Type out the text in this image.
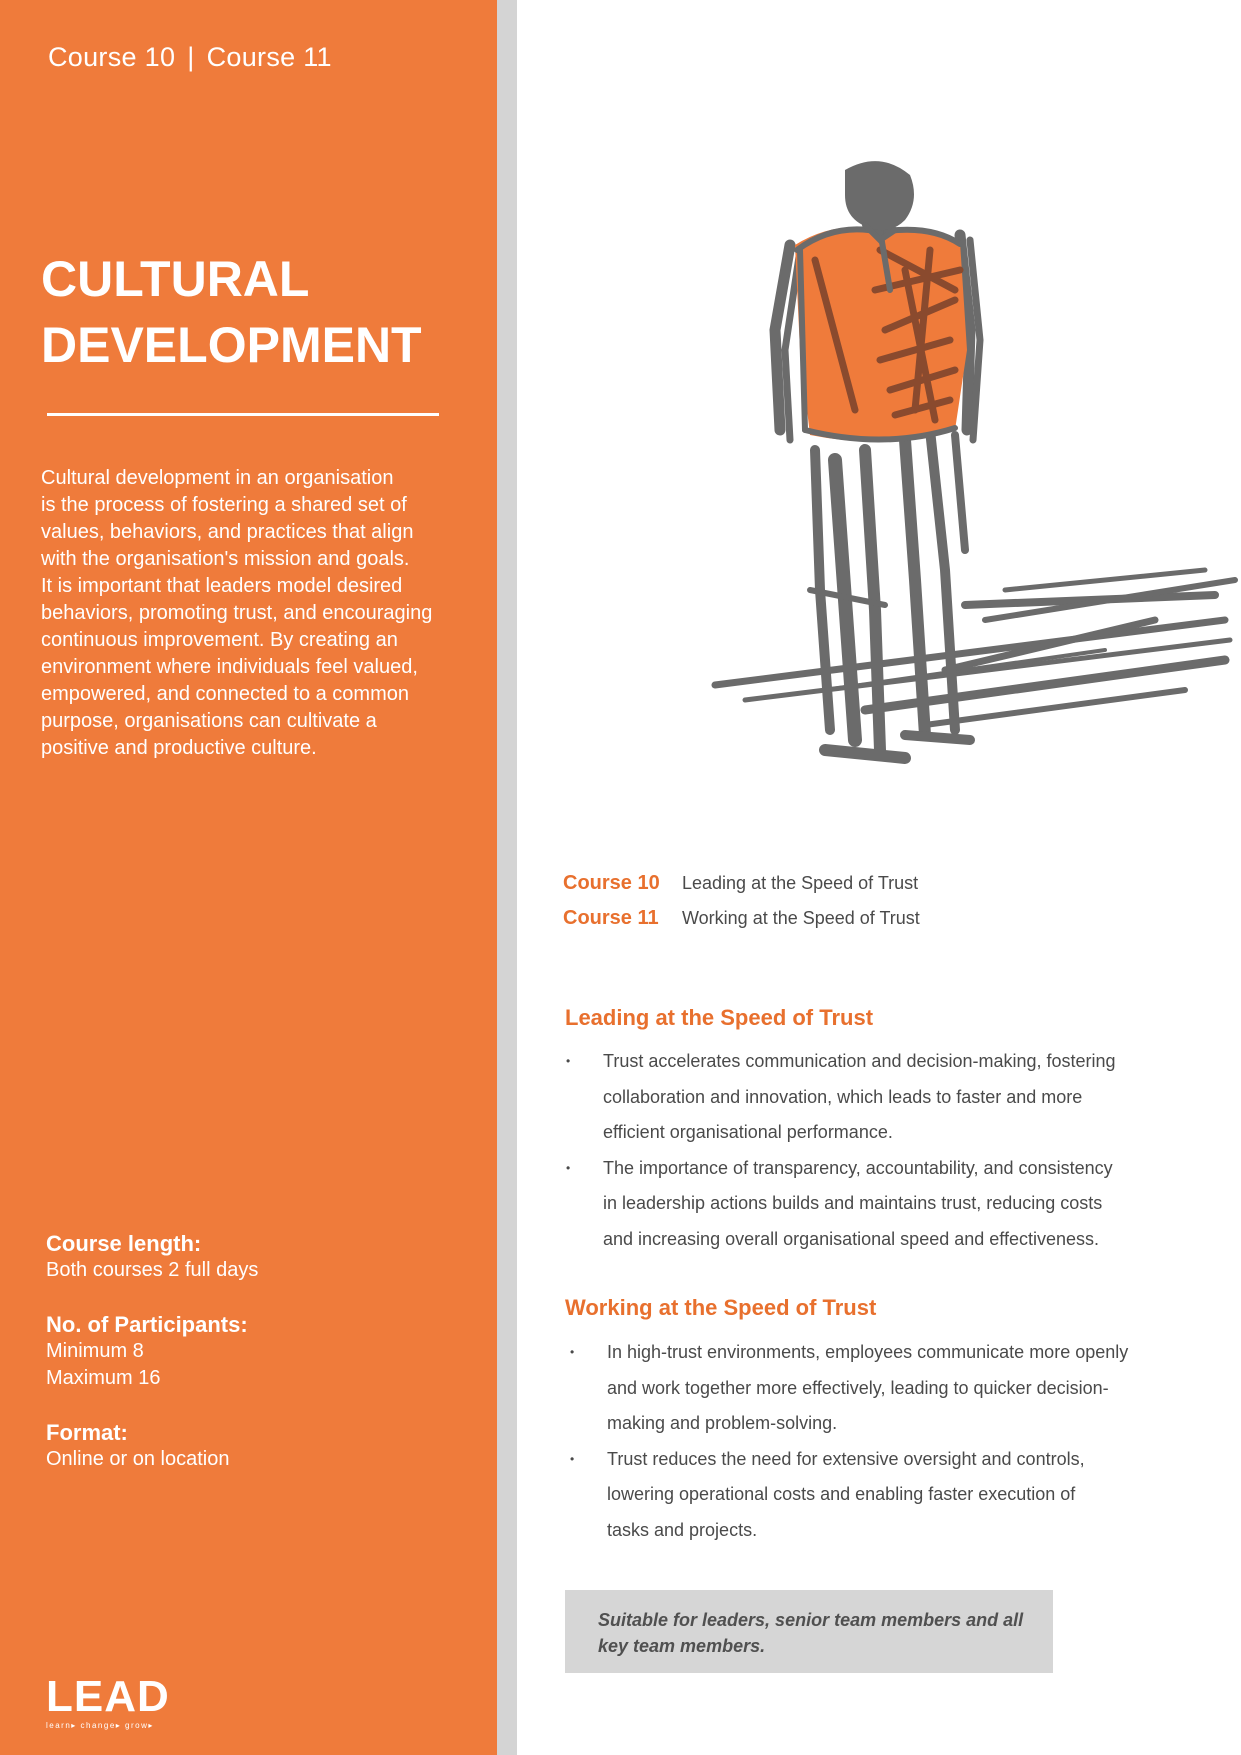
Course 10 | Course 11
CULTURAL
DEVELOPMENT

Cultural development in an organisation
is the process of fostering a shared set of
values, behaviors, and practices that align
with the organisation's mission and goals.
It is important that leaders model desired
behaviors, promoting trust, and encouraging
continuous improvement. By creating an
environment where individuals feel valued,
empowered, and connected to a common
purpose, organisations can cultivate a
positive and productive culture.

Course length:
Both courses 2 full days
No. of Participants:
Minimum 8
Maximum 16
Format:
Online or on location
LEAD
learn▸ change▸ grow▸
Course 10	Leading at the Speed of Trust
Course 11	Working at the Speed of Trust
Leading at the Speed of Trust
• Trust accelerates communication and decision-making, fostering
collaboration and innovation, which leads to faster and more
efficient organisational performance.
• The importance of transparency, accountability, and consistency
in leadership actions builds and maintains trust, reducing costs
and increasing overall organisational speed and effectiveness.
Working at the Speed of Trust
• In high-trust environments, employees communicate more openly
and work together more effectively, leading to quicker decision-
making and problem-solving.
• Trust reduces the need for extensive oversight and controls,
lowering operational costs and enabling faster execution of
tasks and projects.

Suitable for leaders, senior team members and all
key team members.
